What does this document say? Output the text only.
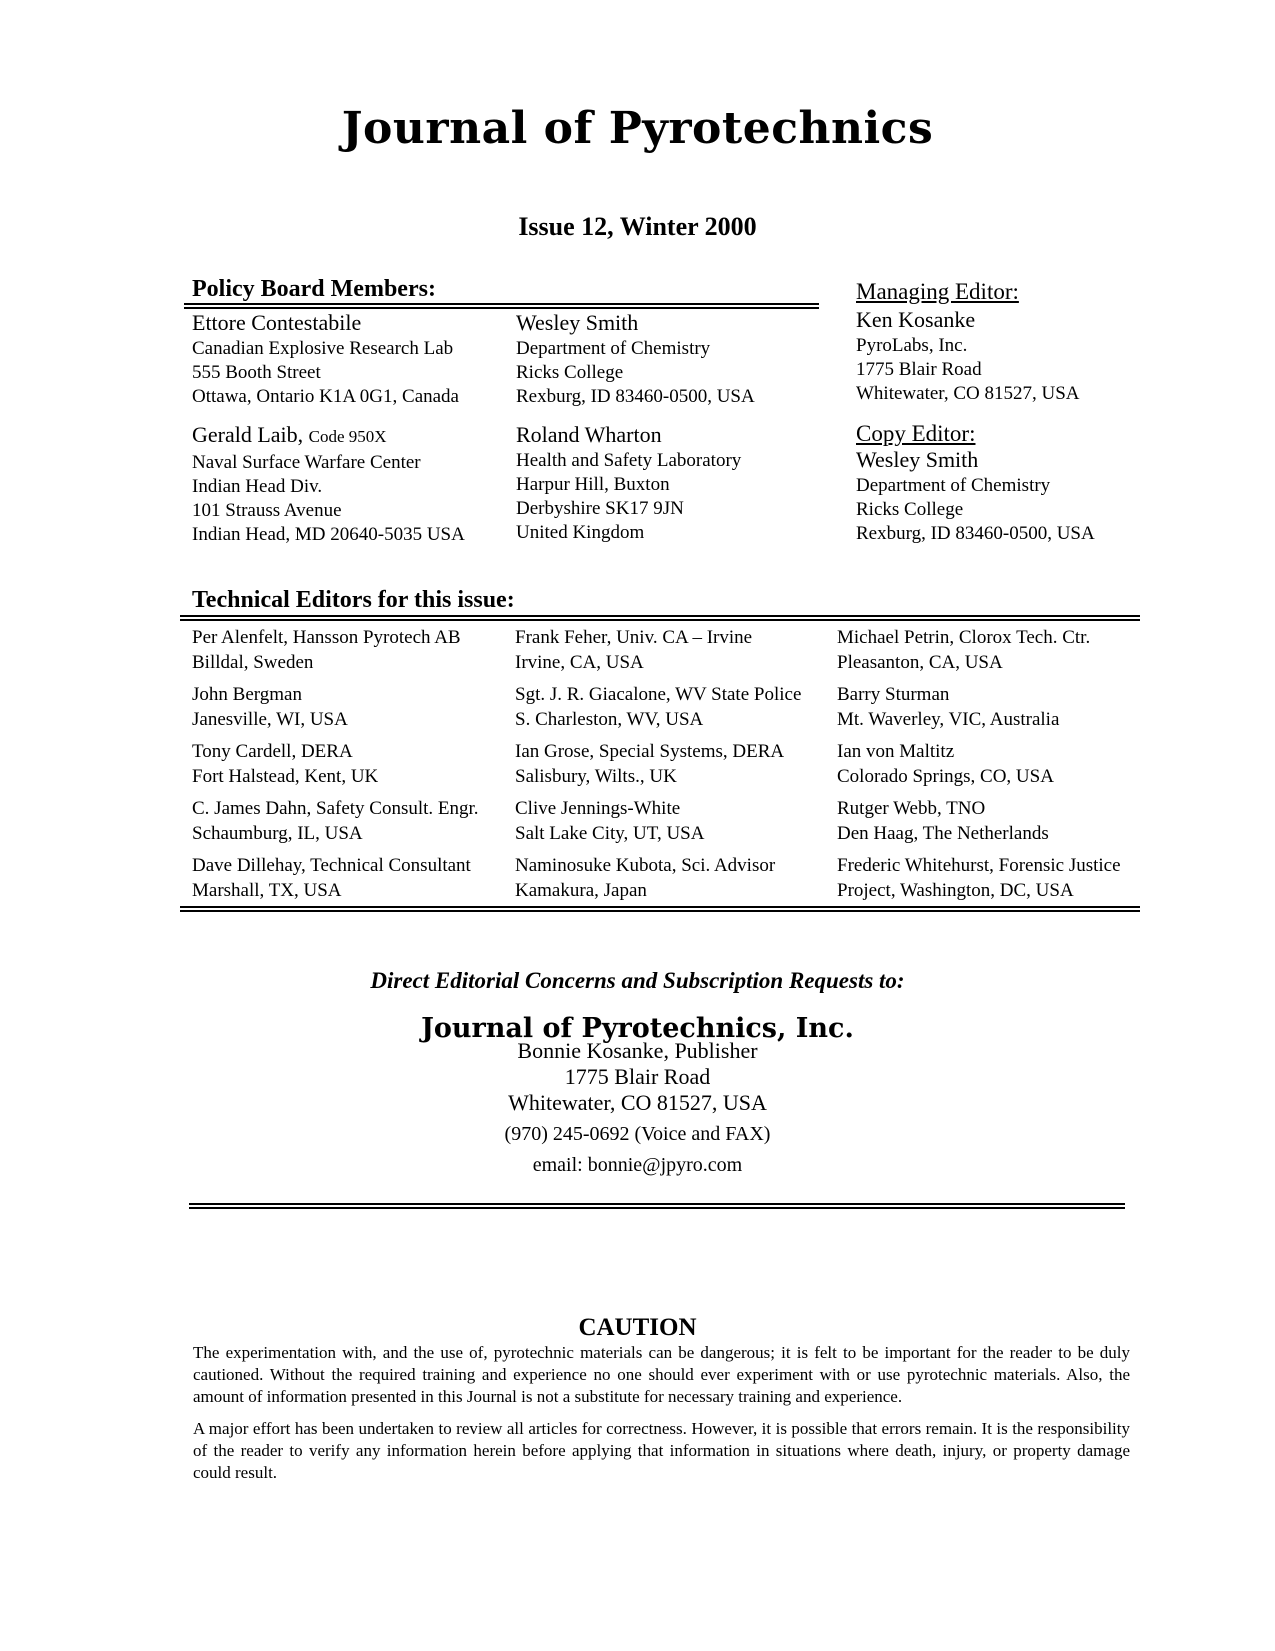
Journal of Pyrotechnics
Issue 12, Winter 2000
Policy Board Members:
Ettore Contestabile
Canadian Explosive Research Lab
555 Booth Street
Ottawa, Ontario K1A 0G1, Canada
Wesley Smith
Department of Chemistry
Ricks College
Rexburg, ID 83460-0500, USA
Gerald Laib, Code 950X
Naval Surface Warfare Center
Indian Head Div.
101 Strauss Avenue
Indian Head, MD 20640-5035 USA
Roland Wharton
Health and Safety Laboratory
Harpur Hill, Buxton
Derbyshire SK17 9JN
United Kingdom
Managing Editor:
Ken Kosanke
PyroLabs, Inc.
1775 Blair Road
Whitewater, CO 81527, USA
Copy Editor:
Wesley Smith
Department of Chemistry
Ricks College
Rexburg, ID 83460-0500, USA
Technical Editors for this issue:
Per Alenfelt, Hansson Pyrotech AB
Billdal, Sweden
John Bergman
Janesville, WI, USA
Tony Cardell, DERA
Fort Halstead, Kent, UK
C. James Dahn, Safety Consult. Engr.
Schaumburg, IL, USA
Dave Dillehay, Technical Consultant
Marshall, TX, USA
Frank Feher, Univ. CA – Irvine
Irvine, CA, USA
Sgt. J. R. Giacalone, WV State Police
S. Charleston, WV, USA
Ian Grose, Special Systems, DERA
Salisbury, Wilts., UK
Clive Jennings-White
Salt Lake City, UT, USA
Naminosuke Kubota, Sci. Advisor
Kamakura, Japan
Michael Petrin, Clorox Tech. Ctr.
Pleasanton, CA, USA
Barry Sturman
Mt. Waverley, VIC, Australia
Ian von Maltitz
Colorado Springs, CO, USA
Rutger Webb, TNO
Den Haag, The Netherlands
Frederic Whitehurst, Forensic Justice
Project, Washington, DC, USA
Direct Editorial Concerns and Subscription Requests to:
Journal of Pyrotechnics, Inc.
Bonnie Kosanke, Publisher
1775 Blair Road
Whitewater, CO 81527, USA
(970) 245-0692 (Voice and FAX)
email: bonnie@jpyro.com
CAUTION
The experimentation with, and the use of, pyrotechnic materials can be dangerous; it is felt to be important for the reader to be duly cautioned. Without the required training and experience no one should ever experiment with or use pyrotechnic materials. Also, the amount of information presented in this Journal is not a substitute for necessary training and experience.
A major effort has been undertaken to review all articles for correctness. However, it is possible that errors remain. It is the responsibility of the reader to verify any information herein before applying that information in situations where death, injury, or property damage could result.
